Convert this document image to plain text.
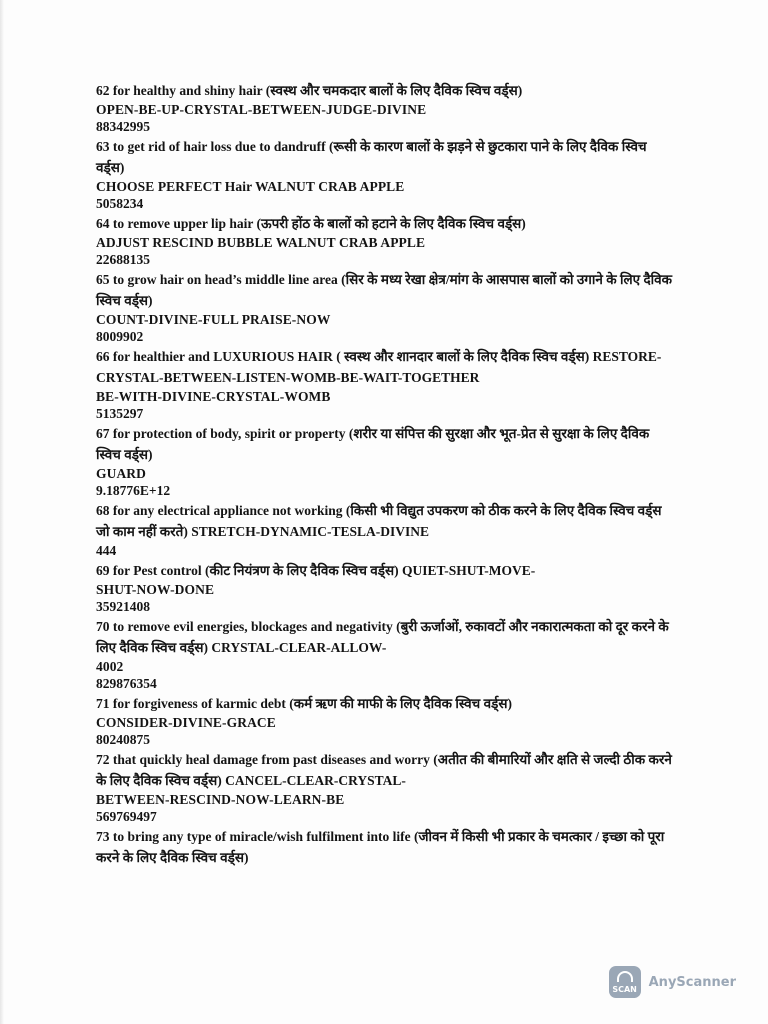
62 for healthy and shiny hair (स्वस्थ और चमकदार बालों के लिए दैविक स्विच वर्ड्स)

OPEN-BE-UP-CRYSTAL-BETWEEN-JUDGE-DIVINE

88342995

63 to get rid of hair loss due to dandruff (रूसी के कारण बालों के झड़ने से छुटकारा पाने के लिए दैविक स्विच वर्ड्स)

CHOOSE PERFECT Hair WALNUT CRAB APPLE

5058234

64 to remove upper lip hair (ऊपरी होंठ के बालों को हटाने के लिए दैविक स्विच वर्ड्स)

ADJUST RESCIND BUBBLE WALNUT CRAB APPLE

22688135

65 to grow hair on head’s middle line area (सिर के मध्य रेखा क्षेत्र/मांग के आसपास बालों को उगाने के लिए दैविक स्विच वर्ड्स)

COUNT-DIVINE-FULL PRAISE-NOW

8009902

66 for healthier and LUXURIOUS HAIR ( स्वस्थ और शानदार बालों के लिए दैविक स्विच वर्ड्स) RESTORE-CRYSTAL-BETWEEN-LISTEN-WOMB-BE-WAIT-TOGETHER

BE-WITH-DIVINE-CRYSTAL-WOMB

5135297

67 for protection of body, spirit or property (शरीर या संपित्त की सुरक्षा और भूत-प्रेत से सुरक्षा के लिए दैविक स्विच वर्ड्स)

GUARD

9.18776E+12

68 for any electrical appliance not working (किसी भी विद्युत उपकरण को ठीक करने के लिए दैविक स्विच वर्ड्स जो काम नहीं करते) STRETCH-DYNAMIC-TESLA-DIVINE

444

69 for Pest control (कीट नियंत्रण के लिए दैविक स्विच वर्ड्स) QUIET-SHUT-MOVE-

SHUT-NOW-DONE

35921408

70 to remove evil energies, blockages and negativity (बुरी ऊर्जाओं, रुकावटों और नकारात्मकता को दूर करने के लिए दैविक स्विच वर्ड्स) CRYSTAL-CLEAR-ALLOW-

4002

829876354

71 for forgiveness of karmic debt (कर्म ऋण की माफी के लिए दैविक स्विच वर्ड्स)

CONSIDER-DIVINE-GRACE

80240875

72 that quickly heal damage from past diseases and worry (अतीत की बीमारियों और क्षति से जल्दी ठीक करने के लिए दैविक स्विच वर्ड्स) CANCEL-CLEAR-CRYSTAL-

BETWEEN-RESCIND-NOW-LEARN-BE

569769497

73 to bring any type of miracle/wish fulfilment into life (जीवन में किसी भी प्रकार के चमत्कार / इच्छा को पूरा करने के लिए दैविक स्विच वर्ड्स)

SCAN AnyScanner
